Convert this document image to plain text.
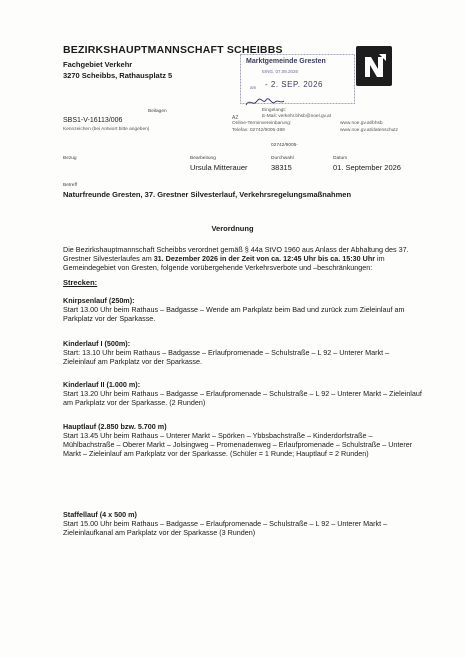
BEZIRKSHAUPTMANNSCHAFT SCHEIBBS
Fachgebiet Verkehr
3270 Scheibbs, Rathausplatz 5
Marktgemeinde Gresten
EING. 07.09.2026
am - 2. SEP. 2026
Beilagen
SBS1-V-16113/006
Kennzeichen (bei Antwort bitte angeben)
AZ
Eingelangt:
E-Mail: verkehr.bhsb@noel.gv.at
Online-Terminvereinbarung:
Telefax: 02742/9005-389
www.noe.gv.at/bhsb
www.noe.gv.at/datenschutz
Bezug	Bearbeitung
02742/9005-
Durchwahl	Datum
Ursula Mitterauer	38315	01. September 2026
Betreff
Naturfreunde Gresten, 37. Grestner Silvesterlauf, Verkehrsregelungsmaßnahmen
Verordnung
Die Bezirkshauptmannschaft Scheibbs verordnet gemäß § 44a StVO 1960 aus Anlass der Abhaltung des 37. Grestner Silvesterlaufes am 31. Dezember 2026 in der Zeit von ca. 12:45 Uhr bis ca. 15:30 Uhr im Gemeindegebiet von Gresten, folgende vorübergehende Verkehrsverbote und –beschränkungen:
Strecken:
Knirpsenlauf (250m):
Start 13.00 Uhr beim Rathaus – Badgasse – Wende am Parkplatz beim Bad und zurück zum Zieleinlauf am Parkplatz vor der Sparkasse.
Kinderlauf I (500m):
Start: 13.10 Uhr beim Rathaus – Badgasse – Erlaufpromenade – Schulstraße – L 92 – Unterer Markt – Zieleinlauf am Parkplatz vor der Sparkasse.
Kinderlauf II (1.000 m):
Start 13.20 Uhr beim Rathaus – Badgasse – Erlaufpromenade – Schulstraße – L 92 – Unterer Markt – Zieleinlauf am Parkplatz vor der Sparkasse. (2 Runden)
Hauptlauf (2.850 bzw. 5.700 m)
Start 13.45 Uhr beim Rathaus – Unterer Markt – Spörken – Ybbsbachstraße – Kinderdorfstraße – Mühlbachstraße – Oberer Markt – Jolsingweg – Promenadenweg – Erlaufpromenade – Schulstraße – Unterer Markt – Zieleinlauf am Parkplatz vor der Sparkasse. (Schüler = 1 Runde; Hauptlauf = 2 Runden)
Staffellauf (4 x 500 m)
Start 15.00 Uhr beim Rathaus – Badgasse – Erlaufpromenade – Schulstraße – L 92 – Unterer Markt – Zieleinlaufkanal am Parkplatz vor der Sparkasse (3 Runden)
